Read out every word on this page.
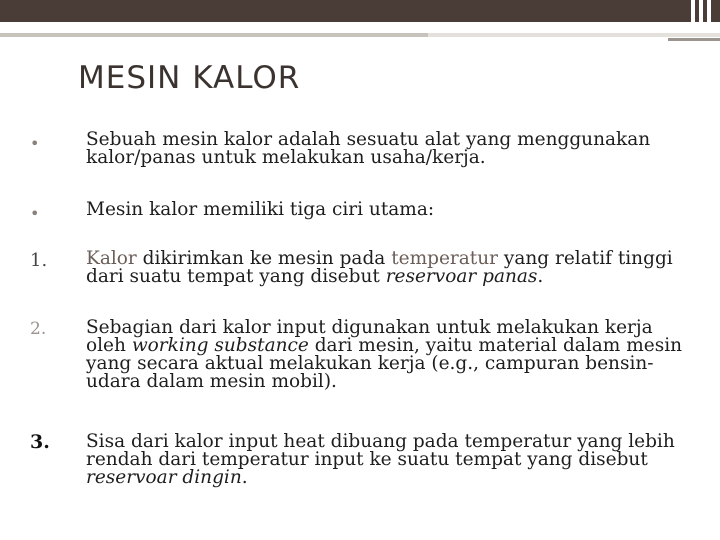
MESIN KALOR
•	Sebuah mesin kalor adalah sesuatu alat yang menggunakan kalor/panas untuk melakukan usaha/kerja.
•	Mesin kalor memiliki tiga ciri utama:
1. Kalor dikirimkan ke mesin pada temperatur yang relatif tinggi dari suatu tempat yang disebut reservoar panas.
2. Sebagian dari kalor input digunakan untuk melakukan kerja oleh working substance dari mesin, yaitu material dalam mesin yang secara aktual melakukan kerja (e.g., campuran bensin-udara dalam mesin mobil).
3. Sisa dari kalor input heat dibuang pada temperatur yang lebih rendah dari temperatur input ke suatu tempat yang disebut reservoar dingin.
